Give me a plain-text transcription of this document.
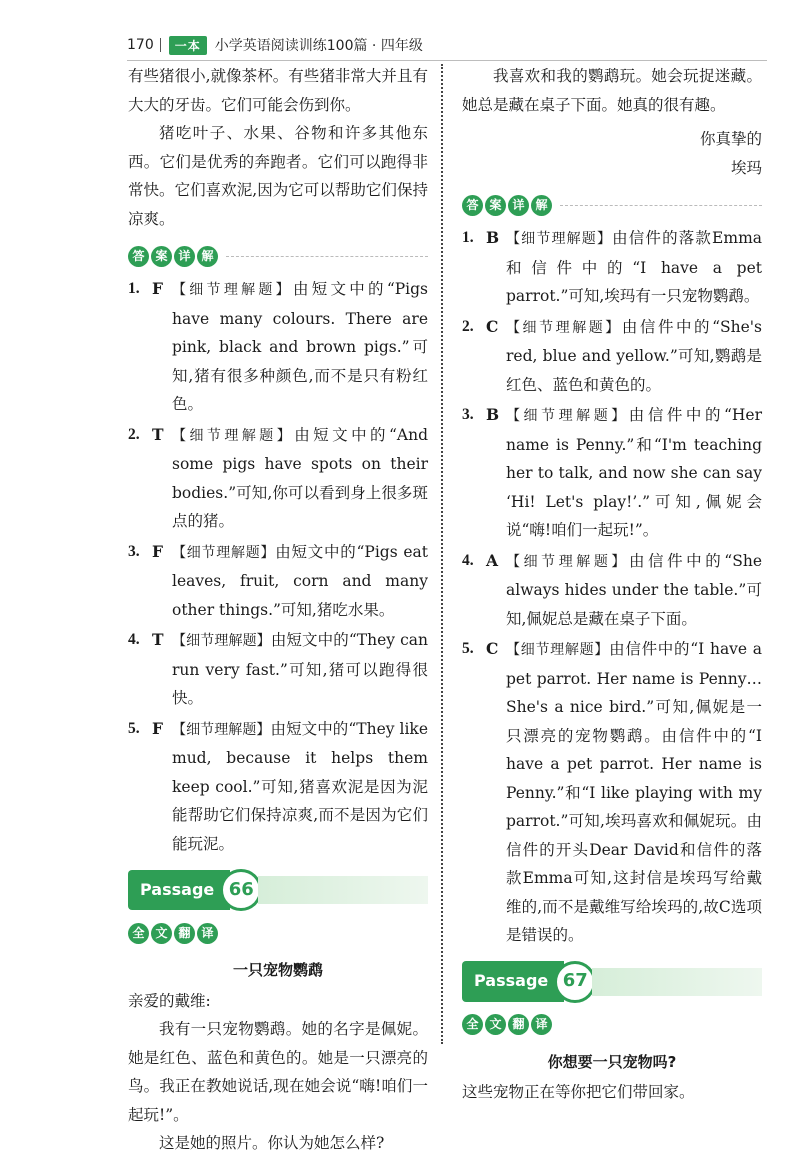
170	一本	小学英语阅读训练100篇 · 四年级

有些猪很小,就像茶杯。有些猪非常大并且有大大的牙齿。它们可能会伤到你。

猪吃叶子、水果、谷物和许多其他东西。它们是优秀的奔跑者。它们可以跑得非常快。它们喜欢泥,因为它可以帮助它们保持凉爽。

答 案 详 解
1. F 【细节理解题】由短文中的“Pigs have many colours. There are pink, black and brown pigs.”可知,猪有很多种颜色,而不是只有粉红色。
2. T 【细节理解题】由短文中的“And some pigs have spots on their bodies.”可知,你可以看到身上很多斑点的猪。
3. F 【细节理解题】由短文中的“Pigs eat leaves, fruit, corn and many other things.”可知,猪吃水果。
4. T 【细节理解题】由短文中的“They can run very fast.”可知,猪可以跑得很快。
5. F 【细节理解题】由短文中的“They like mud, because it helps them keep cool.”可知,猪喜欢泥是因为泥能帮助它们保持凉爽,而不是因为它们能玩泥。
Passage 66
全 文 翻 译
一只宠物鹦鹉

亲爱的戴维:

我有一只宠物鹦鹉。她的名字是佩妮。她是红色、蓝色和黄色的。她是一只漂亮的鸟。我正在教她说话,现在她会说“嗨!咱们一起玩!”。

这是她的照片。你认为她怎么样?

我喜欢和我的鹦鹉玩。她会玩捉迷藏。她总是藏在桌子下面。她真的很有趣。

你真挚的

埃玛

答 案 详 解
1. B 【细节理解题】由信件的落款Emma和信件中的“I have a pet parrot.”可知,埃玛有一只宠物鹦鹉。
2. C 【细节理解题】由信件中的“She's red, blue and yellow.”可知,鹦鹉是红色、蓝色和黄色的。
3. B 【细节理解题】由信件中的“Her name is Penny.”和“I'm teaching her to talk, and now she can say ‘Hi! Let's play!’.”可知,佩妮会说“嗨!咱们一起玩!”。
4. A 【细节理解题】由信件中的“She always hides under the table.”可知,佩妮总是藏在桌子下面。
5. C 【细节理解题】由信件中的“I have a pet parrot. Her name is Penny… She's a nice bird.”可知,佩妮是一只漂亮的宠物鹦鹉。由信件中的“I have a pet parrot. Her name is Penny.”和“I like playing with my parrot.”可知,埃玛喜欢和佩妮玩。由信件的开头Dear David和信件的落款Emma可知,这封信是埃玛写给戴维的,而不是戴维写给埃玛的,故C选项是错误的。
Passage 67
全 文 翻 译
你想要一只宠物吗?

这些宠物正在等你把它们带回家。
